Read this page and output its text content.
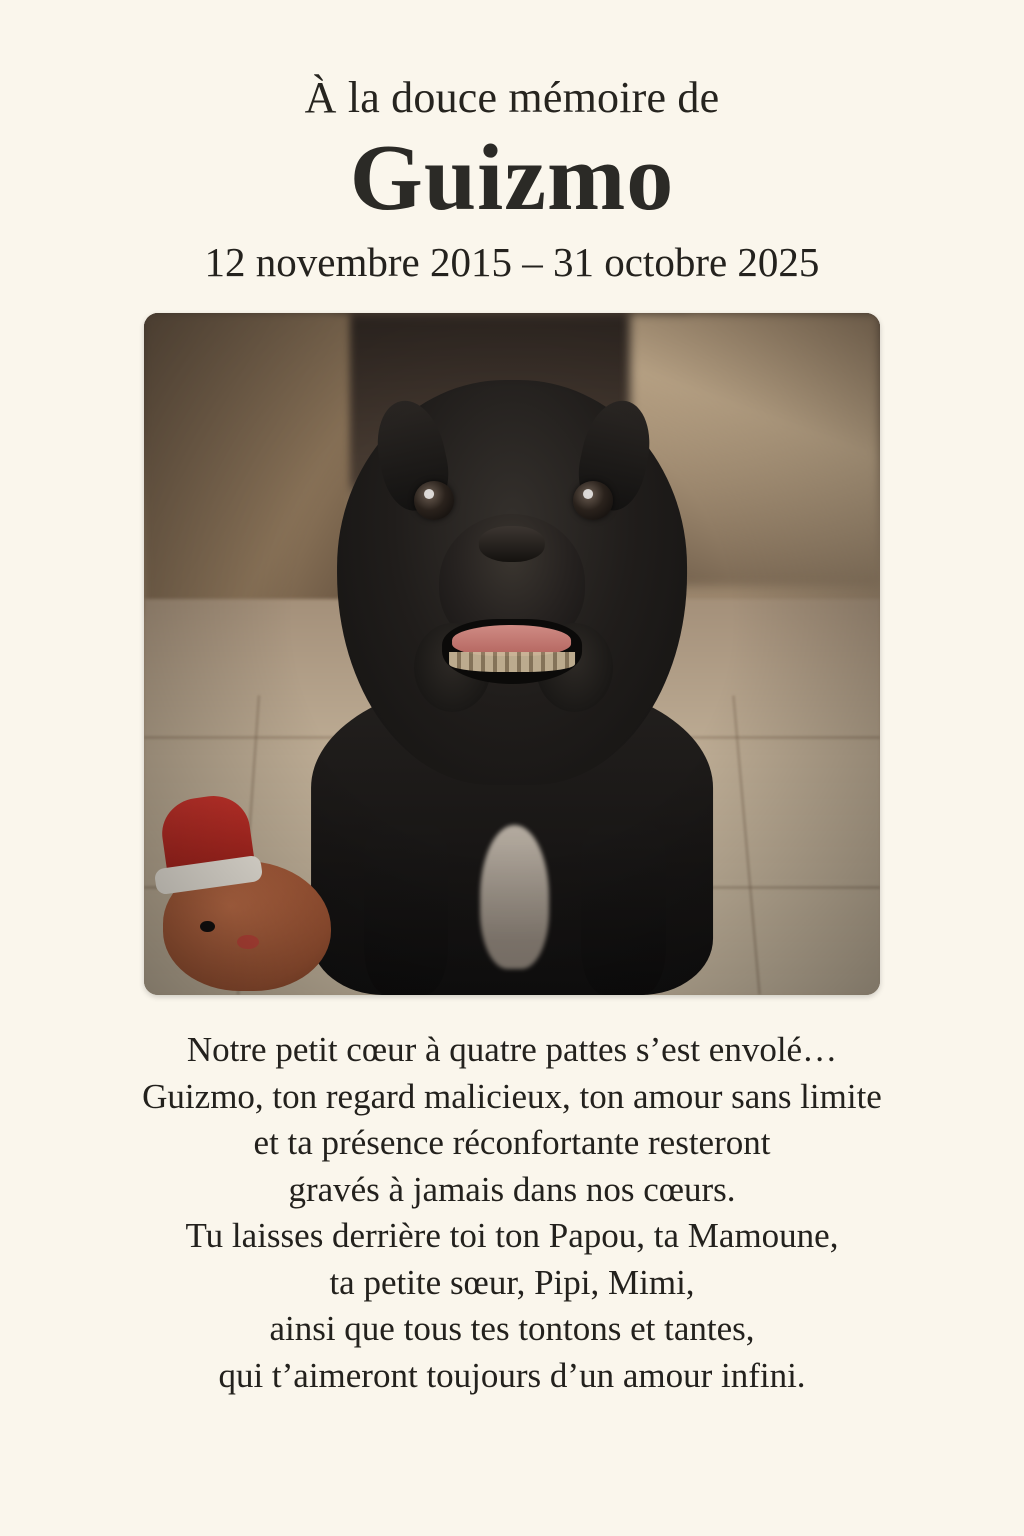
À la douce mémoire de
Guizmo
12 novembre 2015 – 31 octobre 2025
Notre petit cœur à quatre pattes s’est envolé…
Guizmo, ton regard malicieux, ton amour sans limite
et ta présence réconfortante resteront
gravés à jamais dans nos cœurs.
Tu laisses derrière toi ton Papou, ta Mamoune,
ta petite sœur, Pipi, Mimi,
ainsi que tous tes tontons et tantes,
qui t’aimeront toujours d’un amour infini.
